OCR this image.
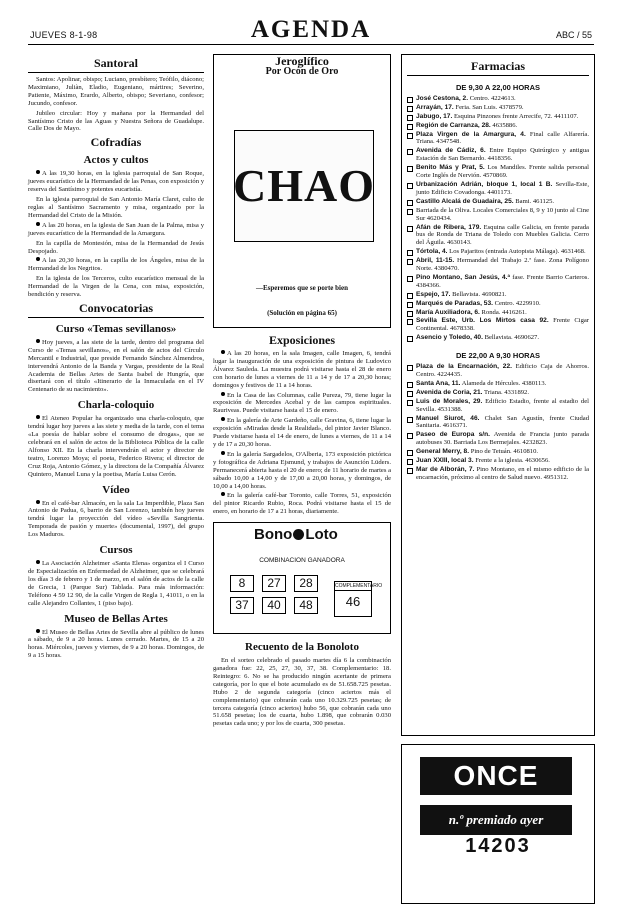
JUEVES 8-1-98	AGENDA	ABC / 55
Santoral

Santos: Apolinar, obispo; Luciano, presbítero; Teófilo, diácono; Maximiano, Juliàn, Eladio, Eugeniano, mártires; Severino, Patiente, Máximo, Erardo, Alberto, obispo; Severiano, confesor; Jucundo, confesor.

Jubileo circular: Hoy y mañana por la Hermandad del Santísimo Cristo de las Aguas y Nuestra Señora de Guadalupe. Calle Dos de Mayo.

Cofradías
Actos y cultos

A las 19,30 horas, en la iglesia parroquial de San Roque, jueves eucarístico de la Hermandad de las Penas, con exposición y reserva del Santísimo y potentes eucaristía.

En la iglesia parroquial de San Antonio María Claret, culto de reglas al Santísimo Sacramento y misa, organizado por la Hermandad del Cristo de la Misión.

A las 20 horas, en la iglesia de San Juan de la Palma, misa y jueves eucarístico de la Hermandad de la Amargura.

En la capilla de Montesión, misa de la Hermandad de Jesús Despojado.

A las 20,30 horas, en la capilla de los Ángeles, misa de la Hermandad de los Negritos.

En la iglesia de los Terceros, culto eucarístico mensual de la Hermandad de la Virgen de la Cena, con misa, exposición, bendición y reserva.

Convocatorias
Curso «Temas sevillanos»

Hoy jueves, a las siete de la tarde, dentro del programa del Curso de «Temas sevillanos», en el salón de actos del Círculo Mercantil e Industrial, que preside Fernando Sánchez Almendros, intervendrá Antonio de la Banda y Vargas, presidente de la Real Academia de Bellas Artes de Santa Isabel de Hungría, que disertará con el título «Itinerario de la Inmaculada en el IV Centenario de su nacimiento».

Charla-coloquio

El Ateneo Popular ha organizado una charla-coloquio, que tendrá lugar hoy jueves a las siete y media de la tarde, con el tema «La poesía de hablar sobre el consumo de drogas», que se celebrará en el salón de actos de la Biblioteca Pública de la calle Alfonso XII. En la charla intervendrán el actor y director de teatro, Lorenzo Moya; el poeta, Federico Rivera; el director de Cruz Roja, Antonio Gómez, y la directora de la Compañía Álvarez Quintero, Manuel Luna y la poetisa, María Luisa Cerón.

Vídeo

En el café-bar Almacén, en la sala La Imperdible, Plaza San Antonio de Padua, 6, barrio de San Lorenzo, también hoy jueves tendrá lugar la proyección del vídeo «Sevilla Sangrienta. Temporada de pasión y muerte» (documental, 1997), del grupo Los Maduros.

Cursos

La Asociación Alzheimer «Santa Elena» organiza el I Curso de Especialización en Enfermedad de Alzheimer, que se celebrará los días 3 de febrero y 1 de marzo, en el salón de actos de la calle de Grecia, 1 (Parque Sur) Tablada. Para más información: Teléfono 4 59 12 90, de la calle Virgen de Regla 1, 41011, o en la calle Alejandro Collantes, 1 (piso bajo).

Museo de Bellas Artes

El Museo de Bellas Artes de Sevilla abre al público de lunes a sábado, de 9 a 20 horas. Lunes cerrado. Martes, de 15 a 20 horas. Miércoles, jueves y viernes, de 9 a 20 horas. Domingos, de 9 a 15 horas.

Jeroglífico
Por Ocón de Oro
CHAO
—Esperemos que se porte bien
(Solución en página 65)
Exposiciones

A las 20 horas, en la sala Imagen, calle Imagen, 6, tendrá lugar la inauguración de una exposición de pintura de Ludovico Álvarez Sauleda. La muestra podrá visitarse hasta el 28 de enero con horario de lunes a viernes de 11 a 14 y de 17 a 20,30 horas; domingos y festivos de 11 a 14 horas.

En la Casa de las Columnas, calle Pureza, 79, tiene lugar la exposición de Mercedes Acebal y de las campos espirituales. Rauriveas. Puede visitarse hasta el 15 de enero.

En la galería de Arte Gardeño, calle Gravina, 6, tiene lugar la exposición «Miradas desde la Realidad», del pintor Javier Blanco. Puede visitarse hasta el 14 de enero, de lunes a viernes, de 11 a 14 y de 17 a 20,30 horas.

En la galería Sargadelos, O'Alberia, 173 exposición pictórica y fotográfica de Adriana Ejsmund, y trabajos de Asunción Lüders. Permanecerá abierta hasta el 20 de enero; de 11 horario de martes a sábado 10,00 a 14,00 y de 17,00 a 20,00 horas, y domingos, de 10,00 a 14,00 horas.

En la galería café-bar Toronto, calle Torres, 51, exposición del pintor Ricardo Rubio, Roca. Podrá visitarse hasta el 15 de enero, en horario de 17 a 21 horas, diariamente.

Bono Loto
COMBINACION GANADORA
8	27	28
37	40	48
COMPLEMENTARIO
46
Recuento de la Bonoloto

En el sorteo celebrado el pasado martes día 6 la combinación ganadora fue: 22, 25, 27, 30, 37, 38. Complementario: 18. Reintegro: 6. No se ha producido ningún acertante de primera categoría, por lo que el bote acumulado es de 51.658.725 pesetas. Hubo 2 de segunda categoría (cinco aciertos más el complementario) que cobrarán cada uno 10.329.725 pesetas; de tercera categoría (cinco aciertos) hubo 56, que cobrarán cada uno 51.658 pesetas; los de cuarta, hubo 1.898, que cobrarán 0.030 pesetas cada uno; y por los de cuarta, 300 pesetas.

Farmacias
DE 9,30 A 22,00 HORAS

José Cestona, 2. Centro. 4224613.

Arrayán, 17. Feria. San Luis. 4378579.

Jabugo, 17. Esquina Pinzones frente Arrecife, 72. 4411107.

Región de Carranza, 28. 4635886.

Plaza Virgen de la Amargura, 4. Final calle Alfarería. Triana. 4347548.

Avenida de Cádiz, 6. Entre Equipo Quirúrgico y antigua Estación de San Bernardo. 4418356.

Benito Más y Prat, 5. Los Mandiles. Frente salida personal Corte Inglés de Nervión. 4570869.

Urbanización Adrián, bloque 1, local 1 B. Sevilla-Este, junto Edificio Covadonga. 4401173.

Castillo Alcalá de Guadaira, 25. Bami. 461125.

Barriada de la Oliva. Locales Comerciales 8, 9 y 10 junto al Cine Sur 4620434.

Afán de Ribera, 179. Esquina calle Galicia, en frente parada bus de Ronda de Triana de Toledo con Muebles Galicia. Cerro del Águila. 4630143.

Tórtola, 4. Los Pajaritos (entrada Autopista Málaga). 4631468.

Abril, 11-15. Hermandad del Trabajo 2.ª fase. Zona Polígono Norte. 4380470.

Pino Montano, San Jesús, 4.ª fase. Frente Barrio Carteros. 4384366.

Espejo, 17. Bellavista. 4690821.

Marqués de Paradas, 53. Centro. 4229910.

María Auxiliadora, 6. Ronda. 4416261.

Sevilla Este, Urb. Los Mirtos casa 92. Frente Cigar Continental. 4678338.

Asencio y Toledo, 40. Bellavista. 4690627.

DE 22,00 A 9,30 HORAS

Plaza de la Encarnación, 22. Edificio Caja de Ahorros. Centro. 4224435.

Santa Ana, 11. Alameda de Hércules. 4380113.

Avenida de Coria, 21. Triana. 4331892.

Luis de Morales, 29. Edificio Estadio, frente al estadio del Sevilla. 4531388.

Manuel Siurot, 46. Chalet San Agustín, frente Ciudad Sanitaria. 4616371.

Paseo de Europa s/n. Avenida de Francia junto parada autobuses 30. Barriada Los Bermejales. 4232823.

General Merry, 8. Pino de Tetuán. 4610810.

Juan XXIII, local 3. Frente a la iglesia. 4630656.

Mar de Alborán, 7. Pino Montano, en el mismo edificio de la encarnación, próximo al centro de Salud nuevo. 4951312.

ONCE
n.º premiado ayer
14203
